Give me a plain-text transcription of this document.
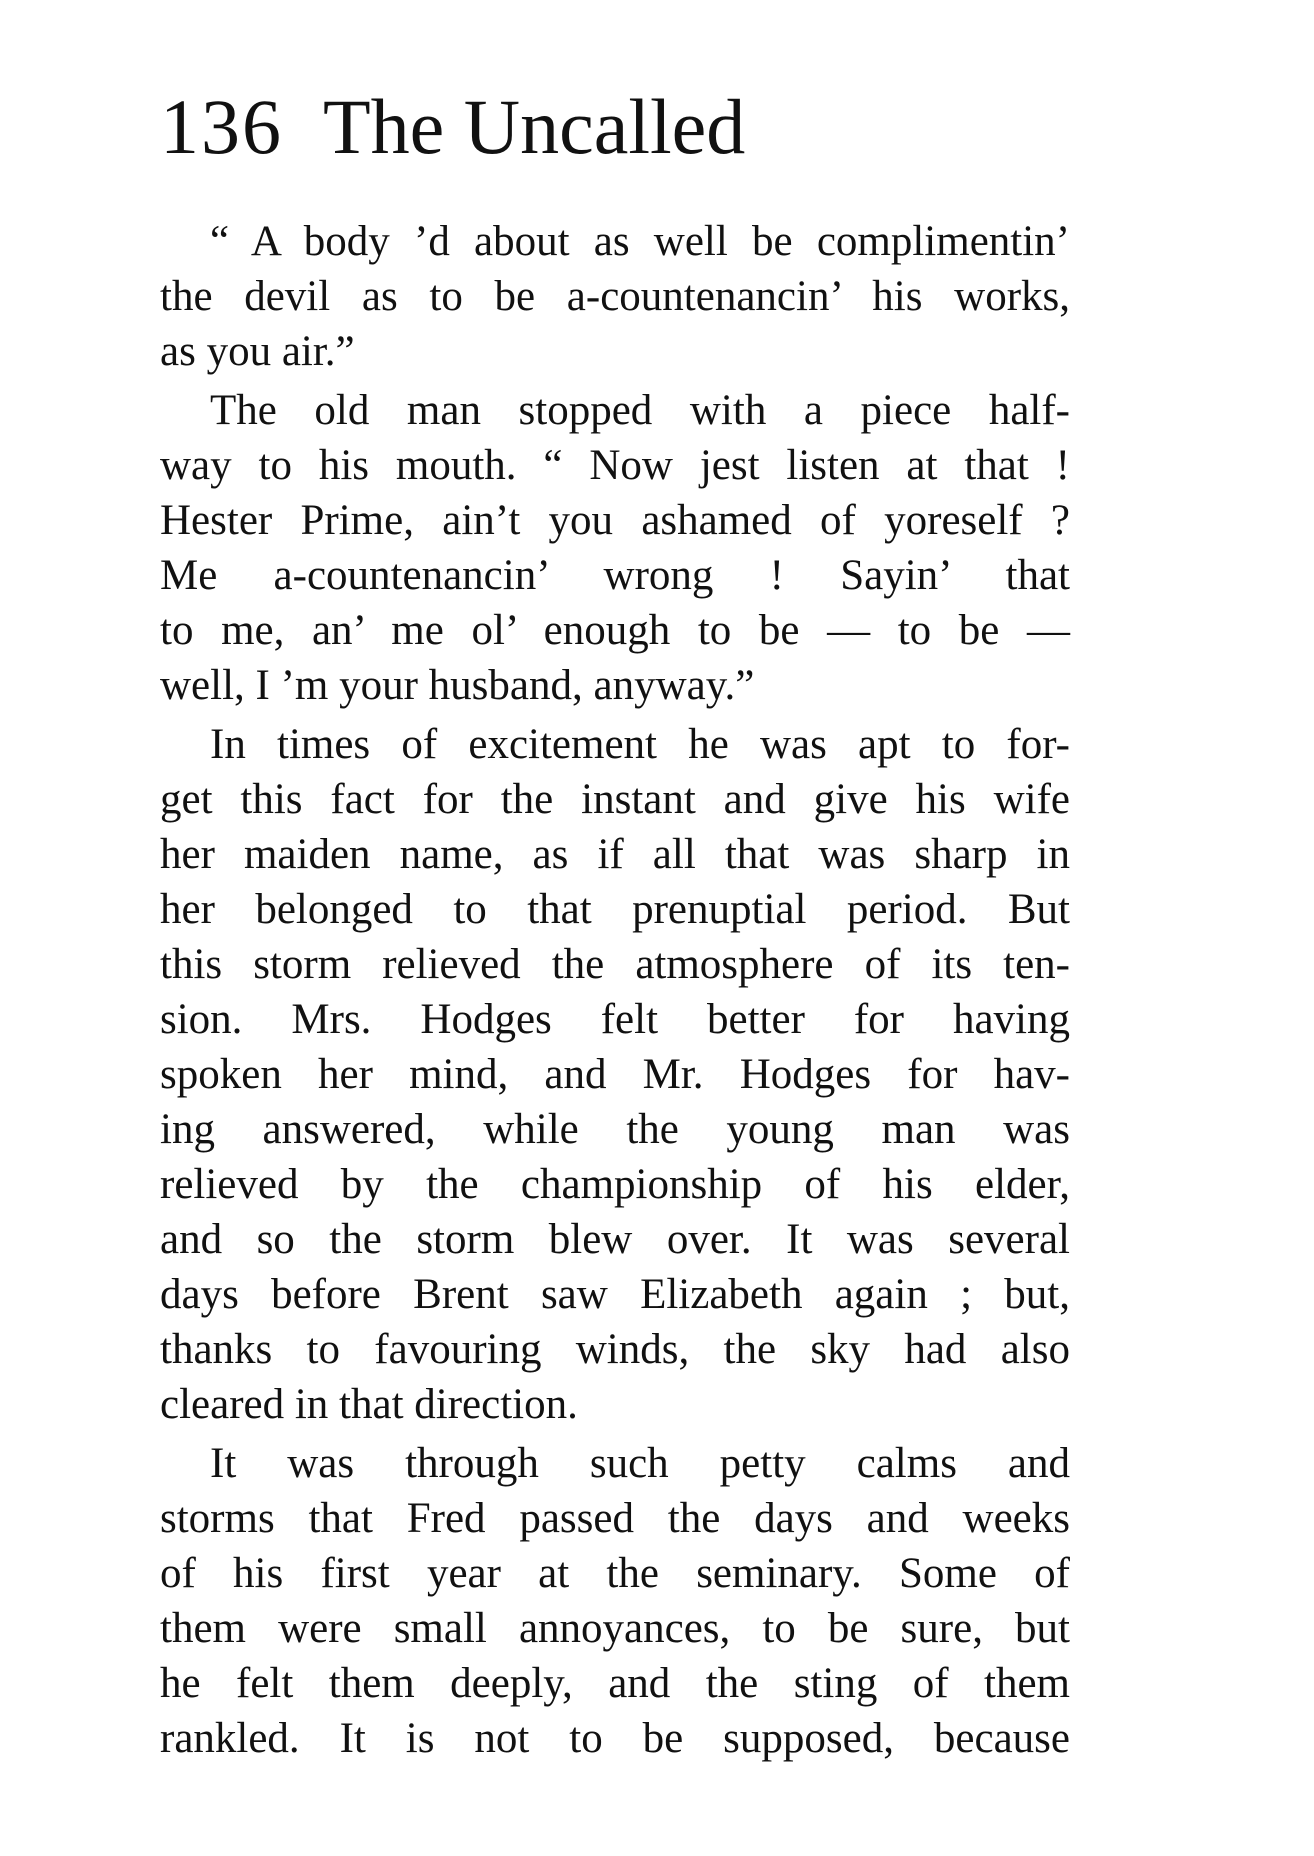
136 The Uncalled
“ A body ’d about as well be complimentin’
the devil as to be a-countenancin’ his works,
as you air.”
The old man stopped with a piece half-
way to his mouth. “ Now jest listen at that !
Hester Prime, ain’t you ashamed of yoreself ?
Me a-countenancin’ wrong ! Sayin’ that
to me, an’ me ol’ enough to be — to be —
well, I ’m your husband, anyway.”
In times of excitement he was apt to for-
get this fact for the instant and give his wife
her maiden name, as if all that was sharp in
her belonged to that prenuptial period. But
this storm relieved the atmosphere of its ten-
sion. Mrs. Hodges felt better for having
spoken her mind, and Mr. Hodges for hav-
ing answered, while the young man was
relieved by the championship of his elder,
and so the storm blew over. It was several
days before Brent saw Elizabeth again ; but,
thanks to favouring winds, the sky had also
cleared in that direction.
It was through such petty calms and
storms that Fred passed the days and weeks
of his first year at the seminary. Some of
them were small annoyances, to be sure, but
he felt them deeply, and the sting of them
rankled. It is not to be supposed, because
